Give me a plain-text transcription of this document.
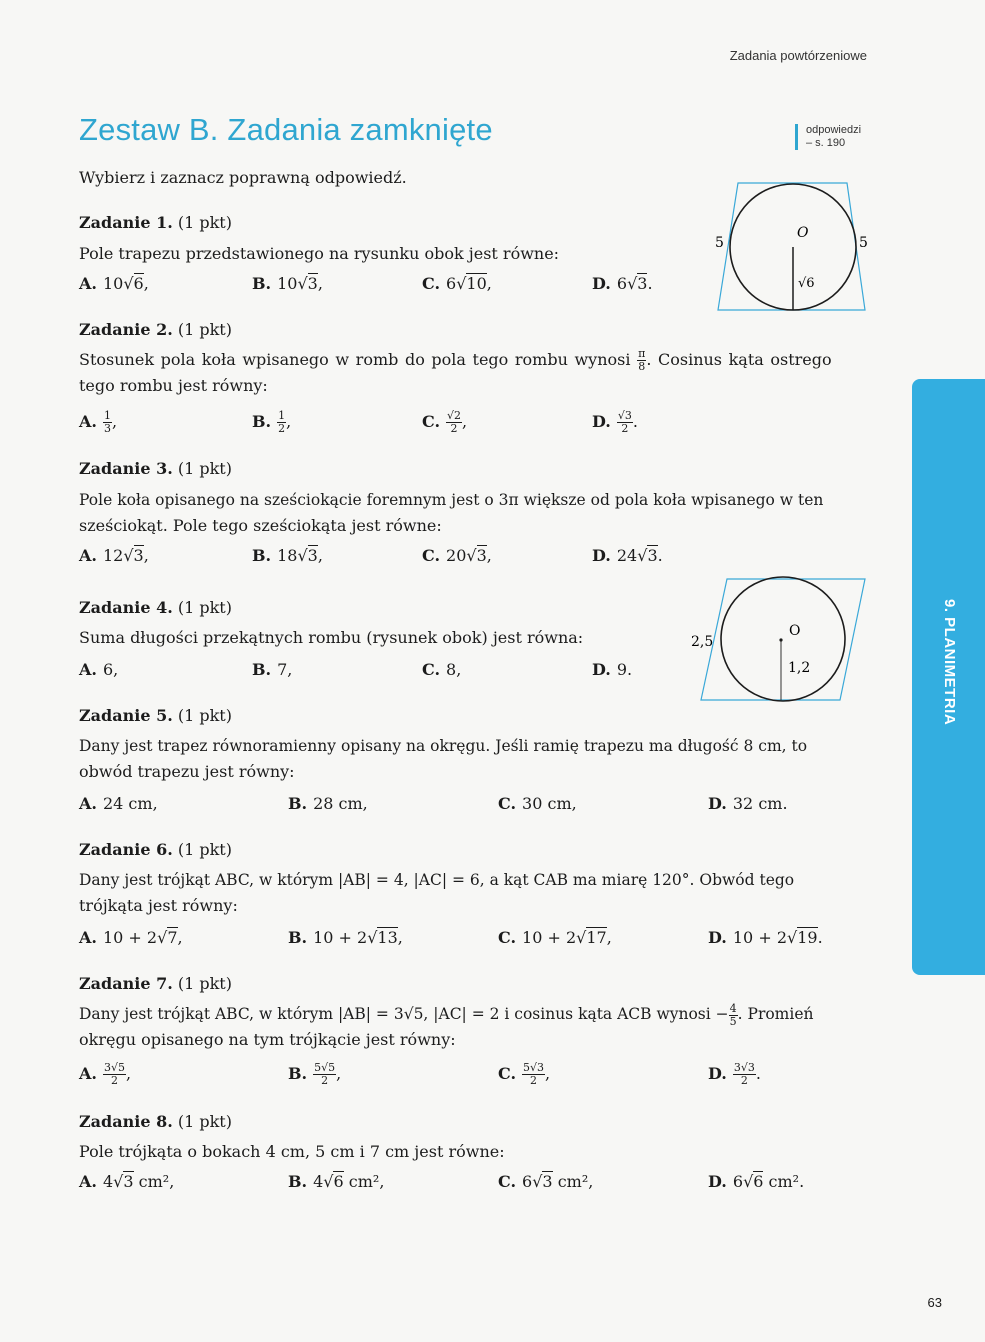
Zadania powtórzeniowe
Zestaw B. Zadania zamknięte	odpowiedzi
– s. 190
Wybierz i zaznacz poprawną odpowiedź.
5	5
O
√6
2,5
O
1,2
Zadanie 1. (1 pkt)
Pole trapezu przedstawionego na rysunku obok jest równe:
A. 10√6,	B. 10√3,	C. 6√10,	D. 6√3.
Zadanie 2. (1 pkt)
Stosunek pola koła wpisanego w romb do pola tego rombu wynosi $\frac{\pi}{8}$ . Cosinus kąta ostrego
tego rombu jest równy:
A. $\frac{1}{3}$ ,	B. $\frac{1}{2}$ ,	C. $\frac{√2}{2}$ ,	D. $\frac{√3}{2}$ .
Zadanie 3. (1 pkt)
Pole koła opisanego na sześciokącie foremnym jest o 3π większe od pola koła wpisanego w ten
sześciokąt. Pole tego sześciokąta jest równe:
A. 12√3,	B. 18√3,	C. 20√3,	D. 24√3.
Zadanie 4. (1 pkt)
Suma długości przekątnych rombu (rysunek obok) jest równa:
A. 6,	B. 7,	C. 8,	D. 9.
Zadanie 5. (1 pkt)
Dany jest trapez równoramienny opisany na okręgu. Jeśli ramię trapezu ma długość 8 cm, to
obwód trapezu jest równy:
A. 24 cm,	B. 28 cm,	C. 30 cm,	D. 32 cm.
Zadanie 6. (1 pkt)
Dany jest trójkąt ABC, w którym |AB| = 4, |AC| = 6, a kąt CAB ma miarę 120°. Obwód tego
trójkąta jest równy:
A. 10 + 2√7,	B. 10 + 2√13,	C. 10 + 2√17,	D. 10 + 2√19.
Zadanie 7. (1 pkt)
Dany jest trójkąt ABC, w którym |AB| = 3√5, |AC| = 2 i cosinus kąta ACB wynosi − $\frac{4}{5}$ . Promień
okręgu opisanego na tym trójkącie jest równy:
A. $\frac{3√5}{2}$ ,	B. $\frac{5√5}{2}$ ,	C. $\frac{5√3}{2}$ ,	D. $\frac{3√3}{2}$ .
Zadanie 8. (1 pkt)
Pole trójkąta o bokach 4 cm, 5 cm i 7 cm jest równe:
A. 4√3 cm²,	B. 4√6 cm²,	C. 6√3 cm²,	D. 6√6 cm².
9. PLANIMETRIA
63
